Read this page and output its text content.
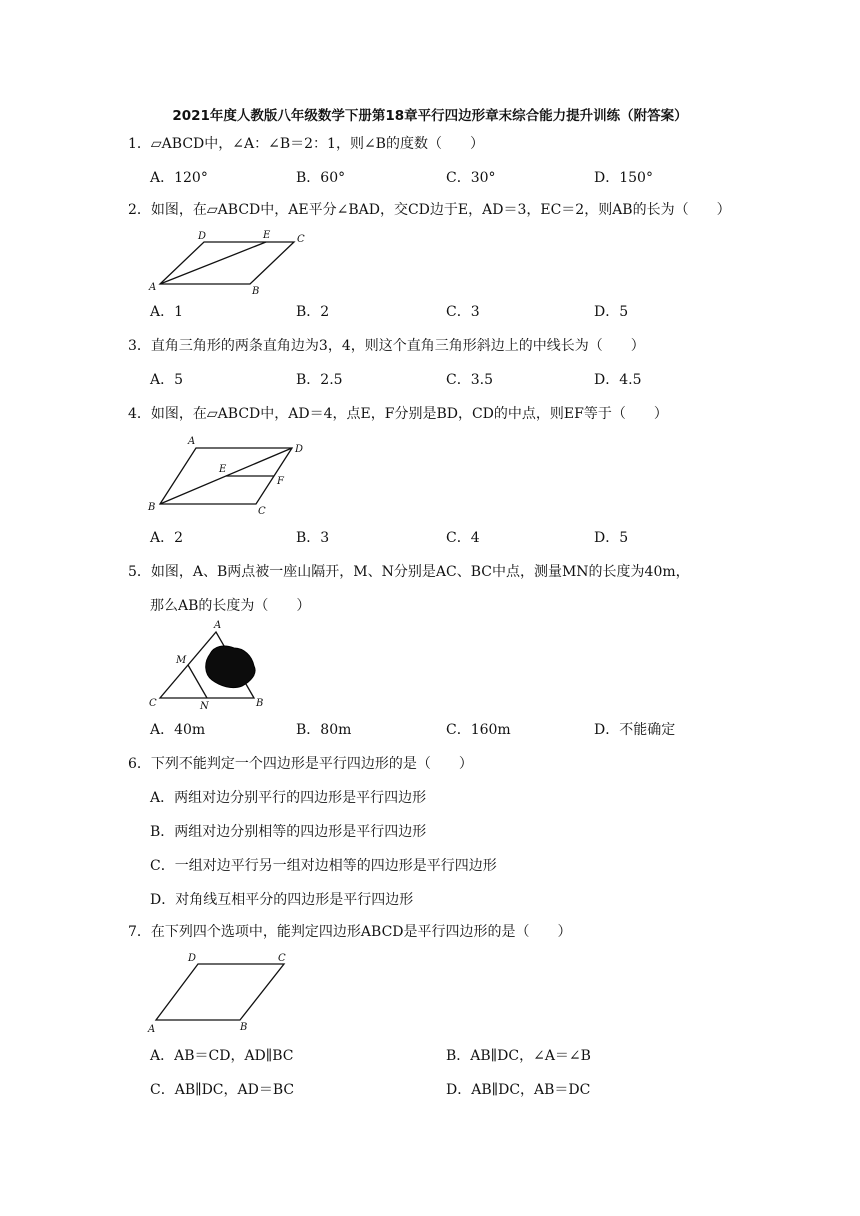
2021年度人教版八年级数学下册第18章平行四边形章末综合能力提升训练（附答案）
1．▱ABCD中，∠A：∠B＝2：1，则∠B的度数（　　）
A．120°	B．60°	C．30°	D．150°
2．如图，在▱ABCD中，AE平分∠BAD，交CD边于E，AD＝3，EC＝2，则AB的长为（　　）
D	E	C
A	B
A．1	B．2	C．3	D．5
3．直角三角形的两条直角边为3，4，则这个直角三角形斜边上的中线长为（　　）
A．5	B．2.5	C．3.5	D．4.5
4．如图，在▱ABCD中，AD＝4，点E，F分别是BD，CD的中点，则EF等于（　　）
A
D
E
F
B	C
A．2	B．3	C．4	D．5
5．如图，A、B两点被一座山隔开，M、N分别是AC、BC中点，测量MN的长度为40m，
那么AB的长度为（　　）
A
M
C	N	B
A．40m	B．80m	C．160m	D．不能确定
6．下列不能判定一个四边形是平行四边形的是（　　）
A．两组对边分别平行的四边形是平行四边形
B．两组对边分别相等的四边形是平行四边形
C．一组对边平行另一组对边相等的四边形是平行四边形
D．对角线互相平分的四边形是平行四边形
7．在下列四个选项中，能判定四边形ABCD是平行四边形的是（　　）
D	C
A	B
A．AB＝CD，AD∥BC	B．AB∥DC，∠A＝∠B
C．AB∥DC，AD＝BC	D．AB∥DC，AB＝DC
